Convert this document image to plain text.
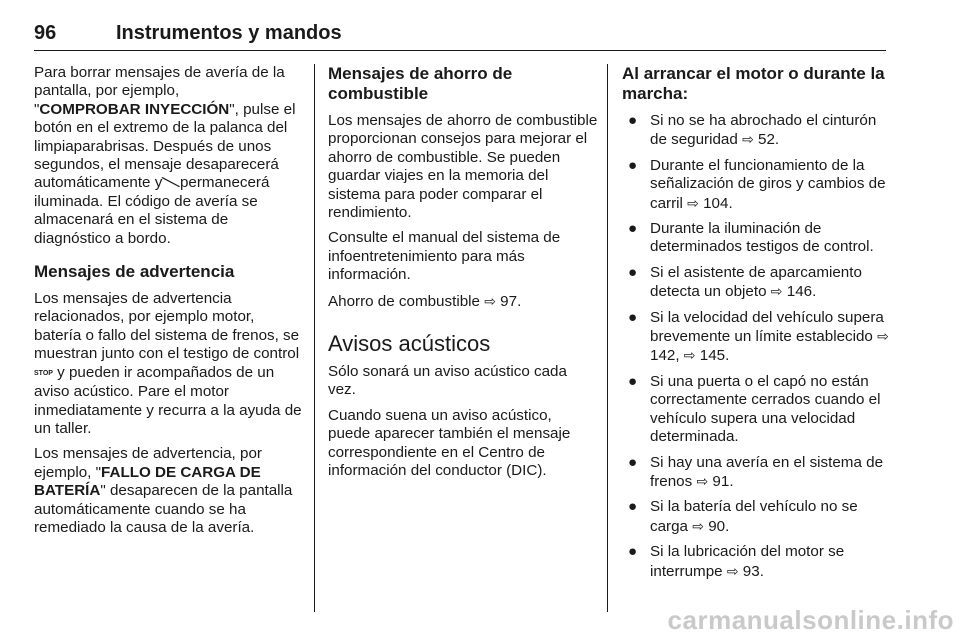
96	Instrumentos y mandos

Para borrar mensajes de avería de la pantalla, por ejemplo,
"COMPROBAR INYECCIÓN", pulse el botón en el extremo de la palanca del limpiaparabrisas. Después de unos segundos, el mensaje desaparecerá automáticamente y ╲ permanecerá iluminada. El código de avería se almacenará en el sistema de diagnóstico a bordo.

Mensajes de advertencia

Los mensajes de advertencia relacionados, por ejemplo motor, batería o fallo del sistema de frenos, se muestran junto con el testigo de control STOP y pueden ir acompañados de un aviso acústico. Pare el motor inmediatamente y recurra a la ayuda de un taller.

Los mensajes de advertencia, por ejemplo, "FALLO DE CARGA DE BATERÍA" desaparecen de la pantalla automáticamente cuando se ha remediado la causa de la avería.

Mensajes de ahorro de combustible

Los mensajes de ahorro de combustible proporcionan consejos para mejorar el ahorro de combustible. Se pueden guardar viajes en la memoria del sistema para poder comparar el rendimiento.

Consulte el manual del sistema de infoentretenimiento para más información.

Ahorro de combustible ⇨ 97.

Avisos acústicos

Sólo sonará un aviso acústico cada vez.

Cuando suena un aviso acústico, puede aparecer también el mensaje correspondiente en el Centro de información del conductor (DIC).

Al arrancar el motor o durante la marcha:
● Si no se ha abrochado el cinturón de seguridad ⇨ 52.
● Durante el funcionamiento de la señalización de giros y cambios de carril ⇨ 104.
● Durante la iluminación de determinados testigos de control.
● Si el asistente de aparcamiento detecta un objeto ⇨ 146.
● Si la velocidad del vehículo supera brevemente un límite establecido ⇨ 142, ⇨ 145.
● Si una puerta o el capó no están correctamente cerrados cuando el vehículo supera una velocidad determinada.
● Si hay una avería en el sistema de frenos ⇨ 91.
● Si la batería del vehículo no se carga ⇨ 90.
● Si la lubricación del motor se interrumpe ⇨ 93.
carmanualsonline.info
